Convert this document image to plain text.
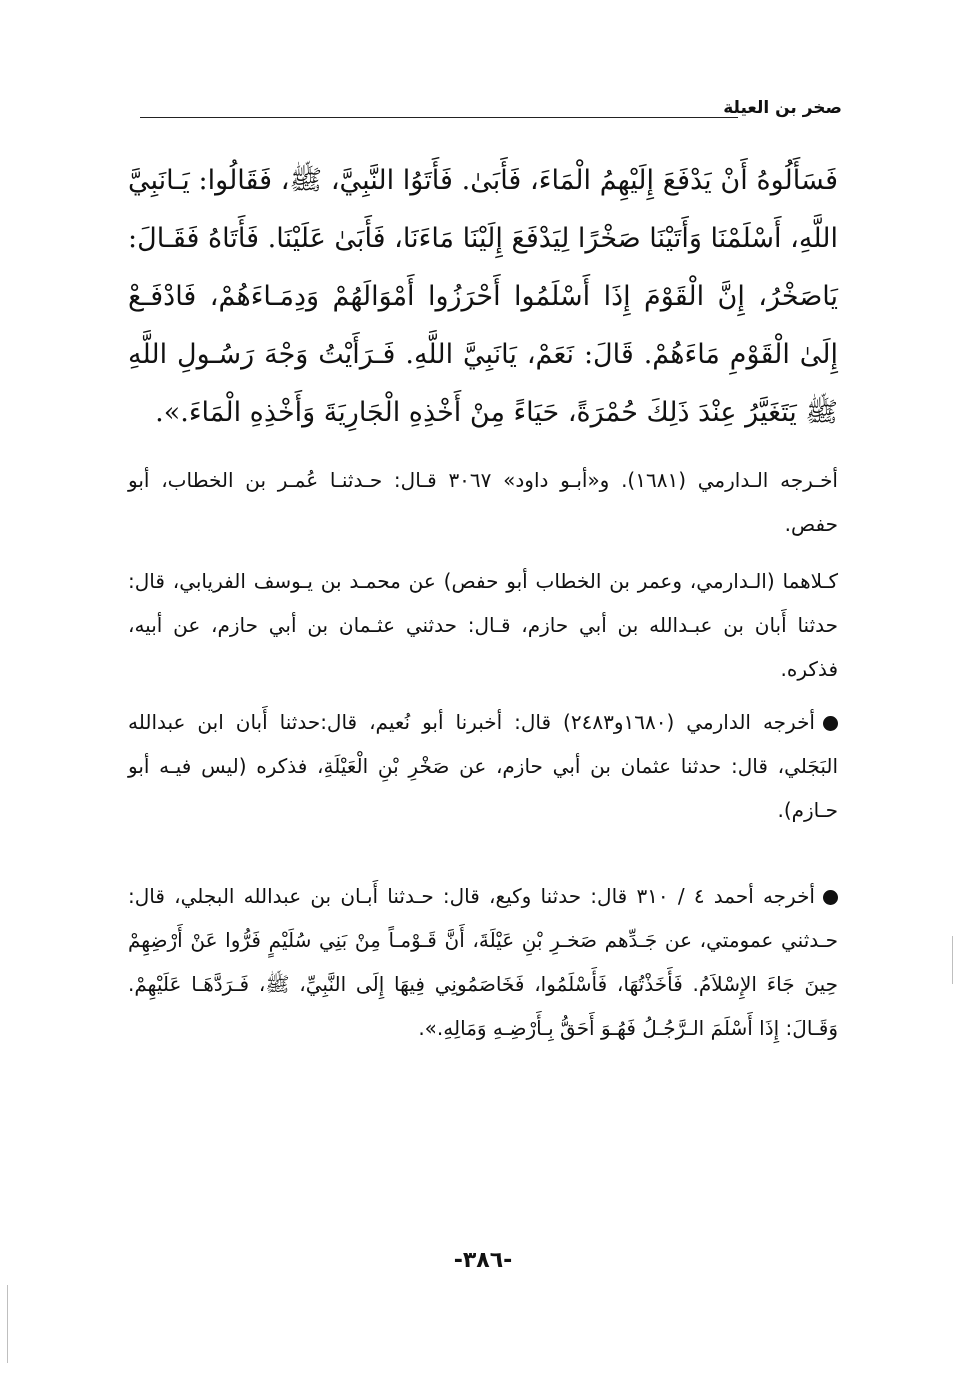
صخر بن العيلة
فَسَأَلُوهُ أَنْ يَدْفَعَ إِلَيْهِمُ الْمَاءَ، فَأَبَىٰ. فَأَتَوُا النَّبِيَّ، ﷺ، فَقَالُوا: يَـانَبِيَّ اللَّهِ، أَسْلَمْنَا وَأَتَيْنَا صَخْرًا لِيَدْفَعَ إِلَيْنَا مَاءَنَا، فَأَبَىٰ عَلَيْنَا. فَأَتَاهُ فَقَـالَ: يَاصَخْرُ، إِنَّ الْقَوْمَ إِذَا أَسْلَمُوا أَحْرَزُوا أَمْوَالَهُمْ وَدِمَـاءَهُمْ، فَادْفَـعْ إِلَىٰ الْقَوْمِ مَاءَهُمْ. قَالَ: نَعَمْ، يَانَبِيَّ اللَّهِ. فَـرَأَيْتُ وَجْهَ رَسُـولِ اللَّهِ ﷺ يَتَغَيَّرُ عِنْدَ ذَلِكَ حُمْرَةً، حَيَاءً مِنْ أَخْذِهِ الْجَارِيَةَ وَأَخْذِهِ الْمَاءَ.».
أخـرجه الـدارمي (١٦٨١). و«أبـو داود» ٣٠٦٧ قـال: حـدثنـا عُمـر بن الخطاب، أبو حفص.
كـلاهما (الـدارمي، وعمر بن الخطاب أبو حفص) عن محمـد بن يـوسف الفريابي، قال: حدثنا أَبان بن عبـدالله بن أبي حازم، قـال: حدثني عثـمان بن أبي حازم، عن أبيه، فذكره.
أخرجه الدارمي (١٦٨٠و٢٤٨٣) قال: أخبرنا أبو نُعيم، قال:حدثنا أَبان ابن عبدالله البَجَلي، قال: حدثنا عثمان بن أبي حازم، عن صَخْرِ بْنِ الْعَيْلَةِ، فذكره (ليس فيـه أبو حـازم).
أخرجه أحمد ٤ / ٣١٠ قال: حدثنا وكيع، قال: حـدثنا أَبـان بن عبدالله البجلي، قال: حـدثني عمومتي، عن جَـدِّهم صَخـرِ بْنِ عَيْلَةَ، أَنَّ قَـوْمـاً مِنْ بَنِي سُلَيْمٍ فَرُّوا عَنْ أَرْضِهِمْ حِينَ جَاءَ الإِسْلاَمُ. فَأَخَذْتُهَا، فَأَسْلَمُوا، فَخَاصَمُونِي فِيهَا إِلَى النَّبِيِّ، ﷺ، فَـرَدَّهَـا عَلَيْهِمْ. وَقَـالَ: إِذَا أَسْلَمَ الـرَّجُـلُ فَهُـوَ أَحَقُّ بِـأَرْضِـهِ وَمَالِهِ.».
-٣٨٦-
